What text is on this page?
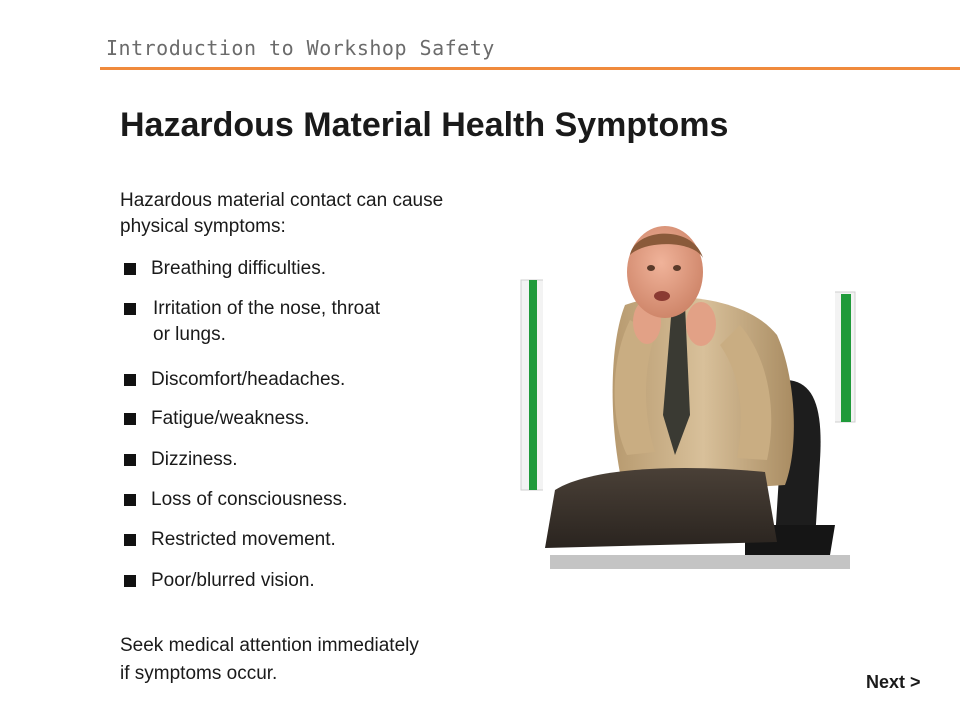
Introduction to Workshop Safety
Hazardous Material Health Symptoms

Hazardous material contact can cause
physical symptoms:

Breathing difficulties.
Irritation of the nose, throat
or lungs.
Discomfort/headaches.
Fatigue/weakness.
Dizziness.
Loss of consciousness.
Restricted movement.
Poor/blurred vision.

Seek medical attention immediately
if symptoms occur.	Next >
